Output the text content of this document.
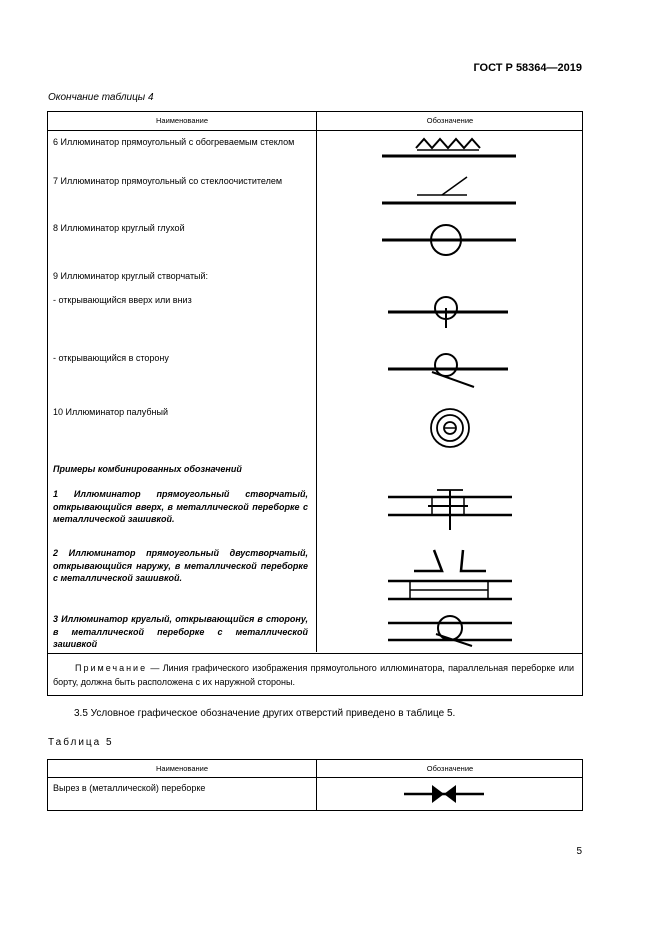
ГОСТ Р 58364—2019
Окончание таблицы 4
Наименование	Обозначение
6 Иллюминатор прямоугольный с обогреваемым стеклом
7 Иллюминатор прямоугольный со стеклоочистителем
8 Иллюминатор круглый глухой
9 Иллюминатор круглый створчатый:
- открывающийся вверх или вниз
- открывающийся в сторону
10 Иллюминатор палубный
Примеры комбинированных обозначений
1 Иллюминатор прямоугольный створчатый, открывающийся вверх, в металлической переборке с металлической зашивкой.
2 Иллюминатор прямоугольный двустворчатый, открывающийся наружу, в металлической переборке с металлической зашивкой.
3 Иллюминатор круглый, открывающийся в сторону, в металлической переборке с металлической зашивкой
Примечание — Линия графического изображения прямоугольного иллюминатора, параллельная переборке или борту, должна быть расположена с их наружной стороны.
3.5 Условное графическое обозначение других отверстий приведено в таблице 5.
Таблица 5
Наименование	Обозначение
Вырез в (металлической) переборке
5
